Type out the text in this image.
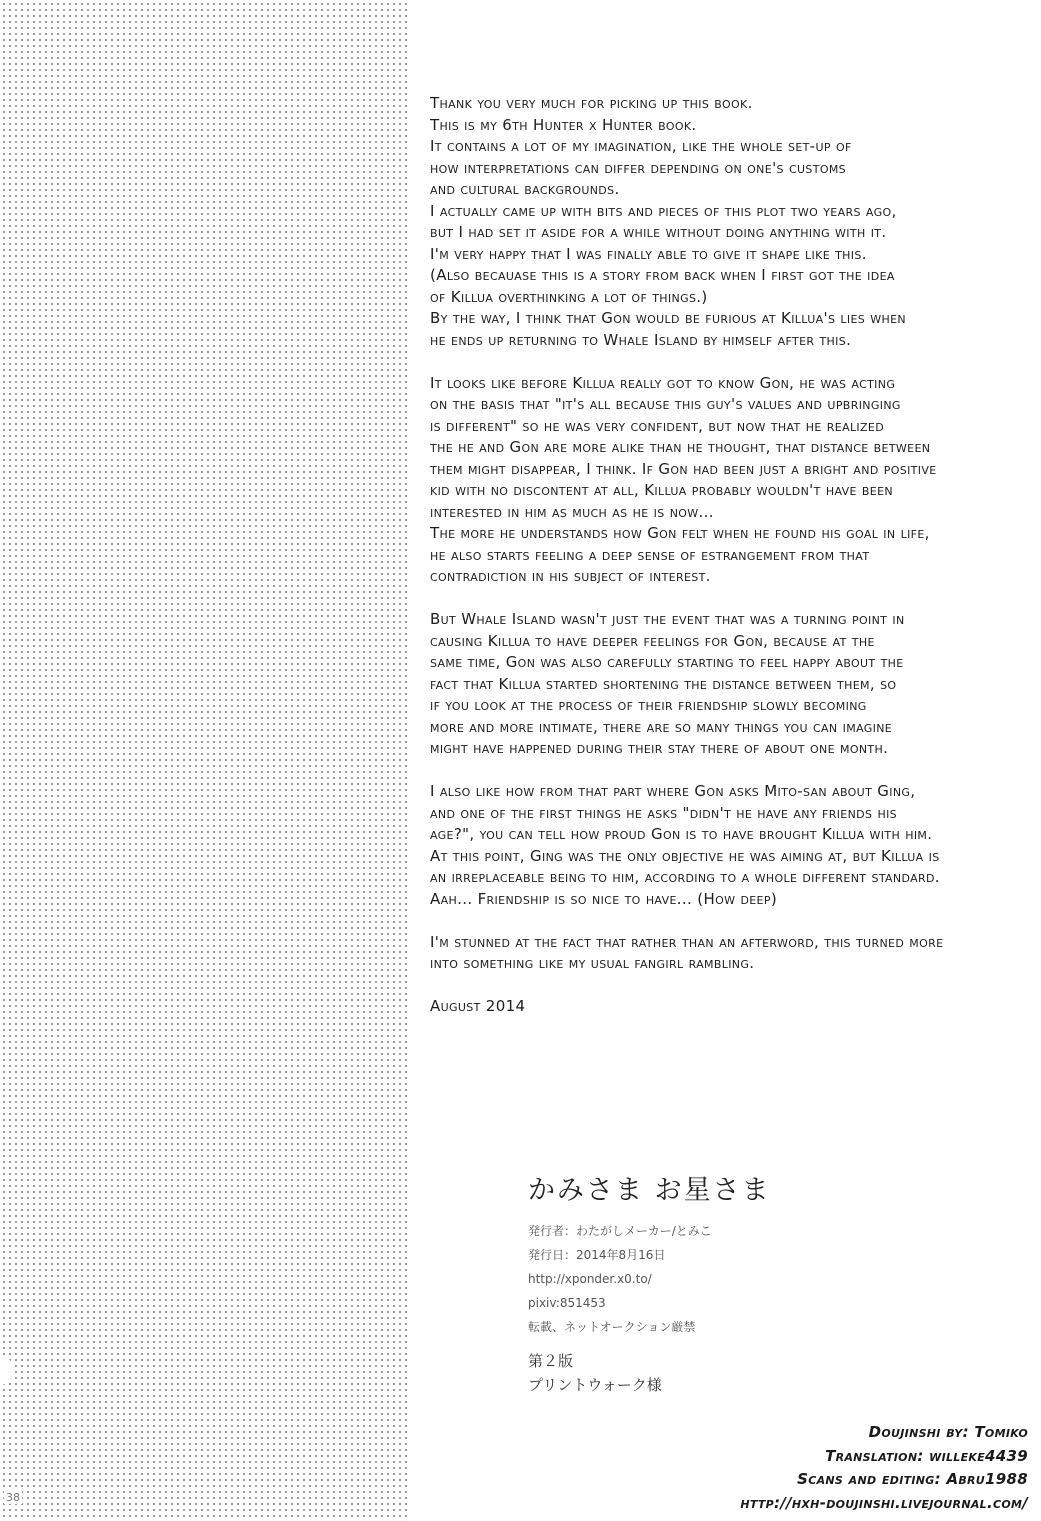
38
Thank you very much for picking up this book.
This is my 6th Hunter x Hunter book.
It contains a lot of my imagination, like the whole set-up of
how interpretations can differ depending on one's customs
and cultural backgrounds.
I actually came up with bits and pieces of this plot two years ago,
but I had set it aside for a while without doing anything with it.
I'm very happy that I was finally able to give it shape like this.
(Also becauase this is a story from back when I first got the idea
of Killua overthinking a lot of things.)
By the way, I think that Gon would be furious at Killua's lies when
he ends up returning to Whale Island by himself after this.
It looks like before Killua really got to know Gon, he was acting
on the basis that "it's all because this guy's values and upbringing
is different" so he was very confident, but now that he realized
the he and Gon are more alike than he thought, that distance between
them might disappear, I think. If Gon had been just a bright and positive
kid with no discontent at all, Killua probably wouldn't have been
interested in him as much as he is now...
The more he understands how Gon felt when he found his goal in life,
he also starts feeling a deep sense of estrangement from that
contradiction in his subject of interest.
But Whale Island wasn't just the event that was a turning point in
causing Killua to have deeper feelings for Gon, because at the
same time, Gon was also carefully starting to feel happy about the
fact that Killua started shortening the distance between them, so
if you look at the process of their friendship slowly becoming
more and more intimate, there are so many things you can imagine
might have happened during their stay there of about one month.
I also like how from that part where Gon asks Mito-san about Ging,
and one of the first things he asks "didn't he have any friends his
age?", you can tell how proud Gon is to have brought Killua with him.
At this point, Ging was the only objective he was aiming at, but Killua is
an irreplaceable being to him, according to a whole different standard.
Aah... Friendship is so nice to have... (How deep)
I'm stunned at the fact that rather than an afterword, this turned more
into something like my usual fangirl rambling.
August 2014
かみさま お星さま
発行者：わたがしメーカー/とみこ
発行日：2014年8月16日
http://xponder.x0.to/
pixiv:851453
転載、ネットオークション厳禁
第２版
プリントウォーク様
Doujinshi by: Tomiko
Translation: willeke4439
Scans and editing: Abru1988
http://hxh-doujinshi.livejournal.com/
